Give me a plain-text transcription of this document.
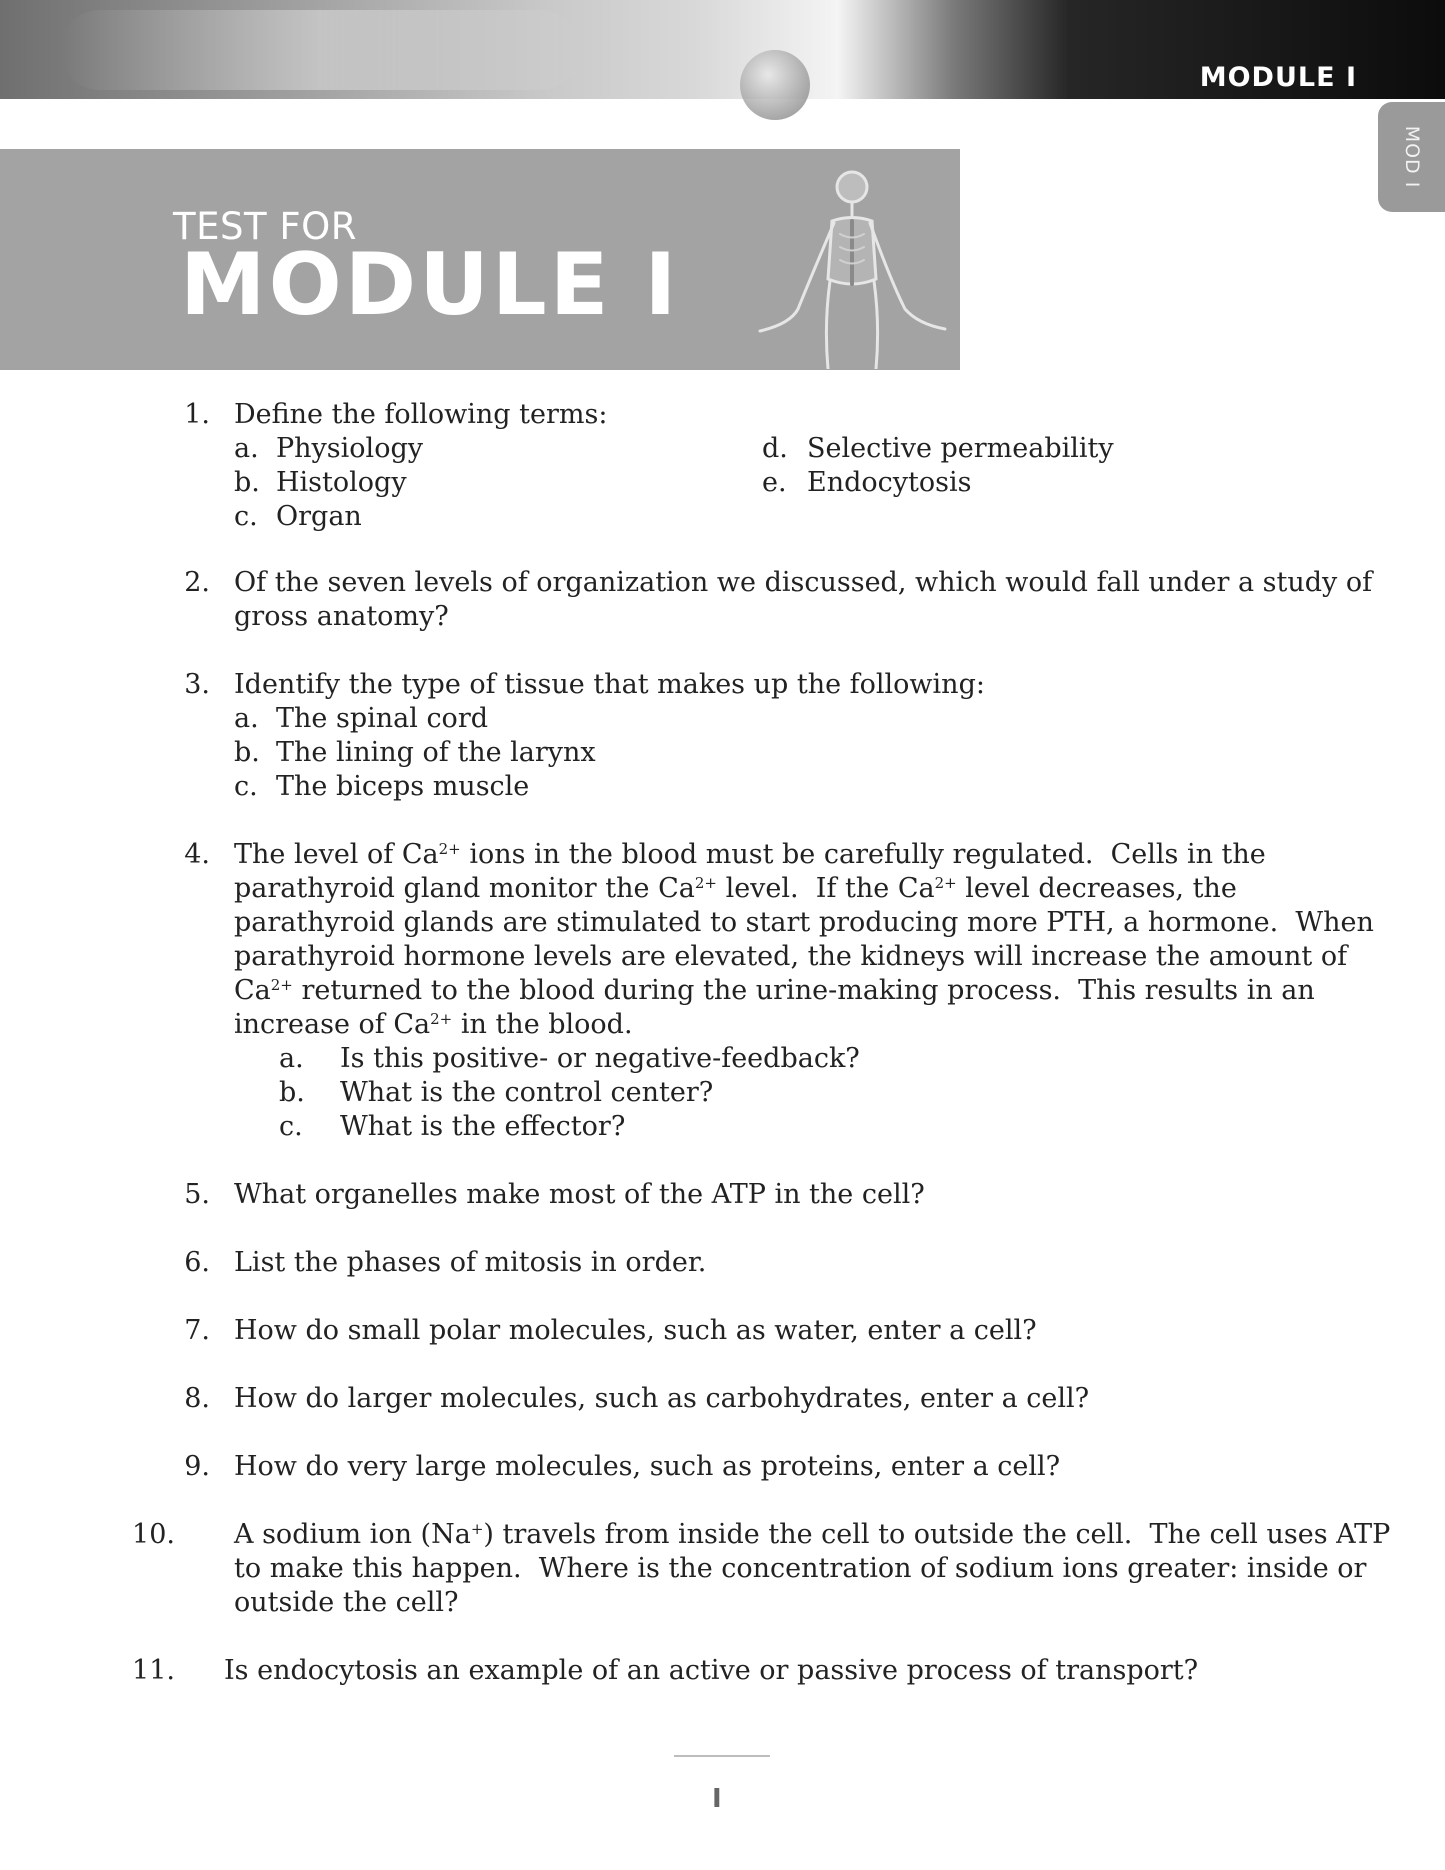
MODULE I
MOD I
TEST FOR
MODULE I
1. Define the following terms:
a. Physiology
b. Histology
c. Organ
d. Selective permeability
e. Endocytosis
2. Of the seven levels of organization we discussed, which would fall under a study of
gross anatomy?
3. Identify the type of tissue that makes up the following:
a. The spinal cord
b. The lining of the larynx
c. The biceps muscle
4. The level of $Ca^{2+}$ ions in the blood must be carefully regulated.  Cells in the
parathyroid gland monitor the $Ca^{2+}$ level.  If the $Ca^{2+}$ level decreases, the
parathyroid glands are stimulated to start producing more PTH, a hormone.  When
parathyroid hormone levels are elevated, the kidneys will increase the amount of
$Ca^{2+}$ returned to the blood during the urine-making process.  This results in an
increase of $Ca^{2+}$ in the blood.
a. Is this positive- or negative-feedback?
b. What is the control center?
c. What is the effector?
5. What organelles make most of the ATP in the cell?
6. List the phases of mitosis in order.
7. How do small polar molecules, such as water, enter a cell?
8. How do larger molecules, such as carbohydrates, enter a cell?
9. How do very large molecules, such as proteins, enter a cell?
10. A sodium ion (Na+) travels from inside the cell to outside the cell.  The cell uses ATP
to make this happen.  Where is the concentration of sodium ions greater: inside or
outside the cell?
11. Is endocytosis an example of an active or passive process of transport?
I
